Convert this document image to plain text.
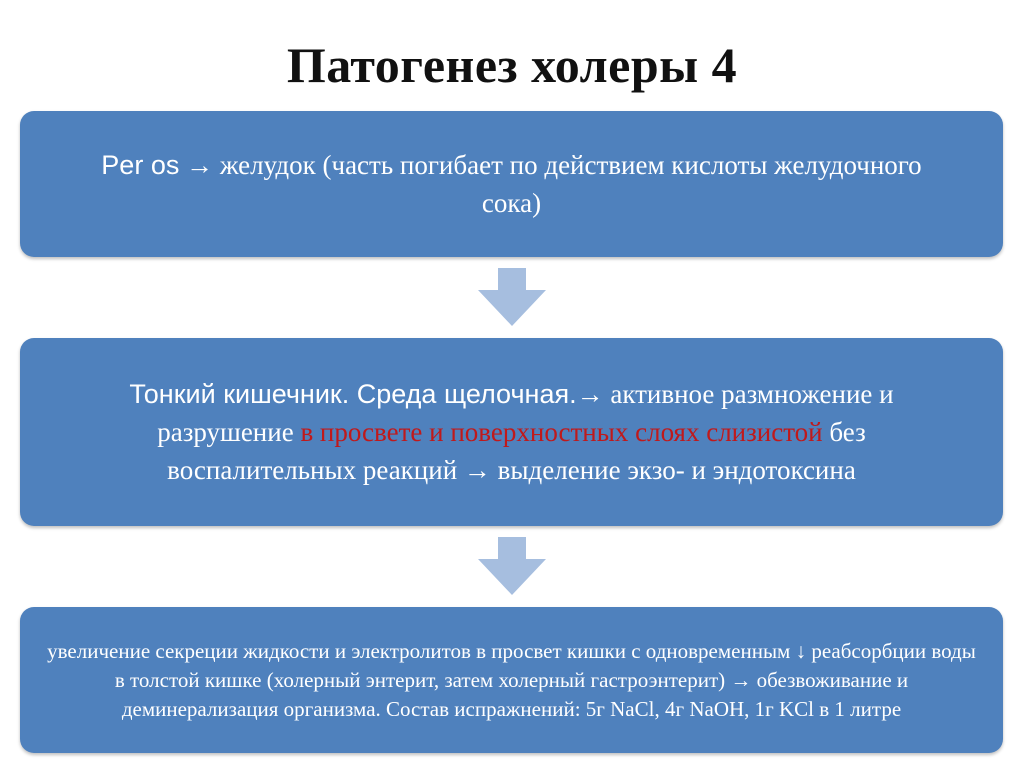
Патогенез холеры 4
Per os → желудок (часть погибает по действием кислоты желудочного сока)
Тонкий кишечник. Среда щелочная.→ активное размножение и разрушение в просвете и поверхностных слоях слизистой без воспалительных реакций → выделение экзо- и эндотоксина
увеличение секреции жидкости и электролитов в просвет кишки с одновременным ↓ реабсорбции воды в толстой кишке (холерный энтерит, затем холерный гастроэнтерит) → обезвоживание и деминерализация организма. Состав испражнений: 5г NaCl, 4г NaOH, 1г KCl в 1 литре
